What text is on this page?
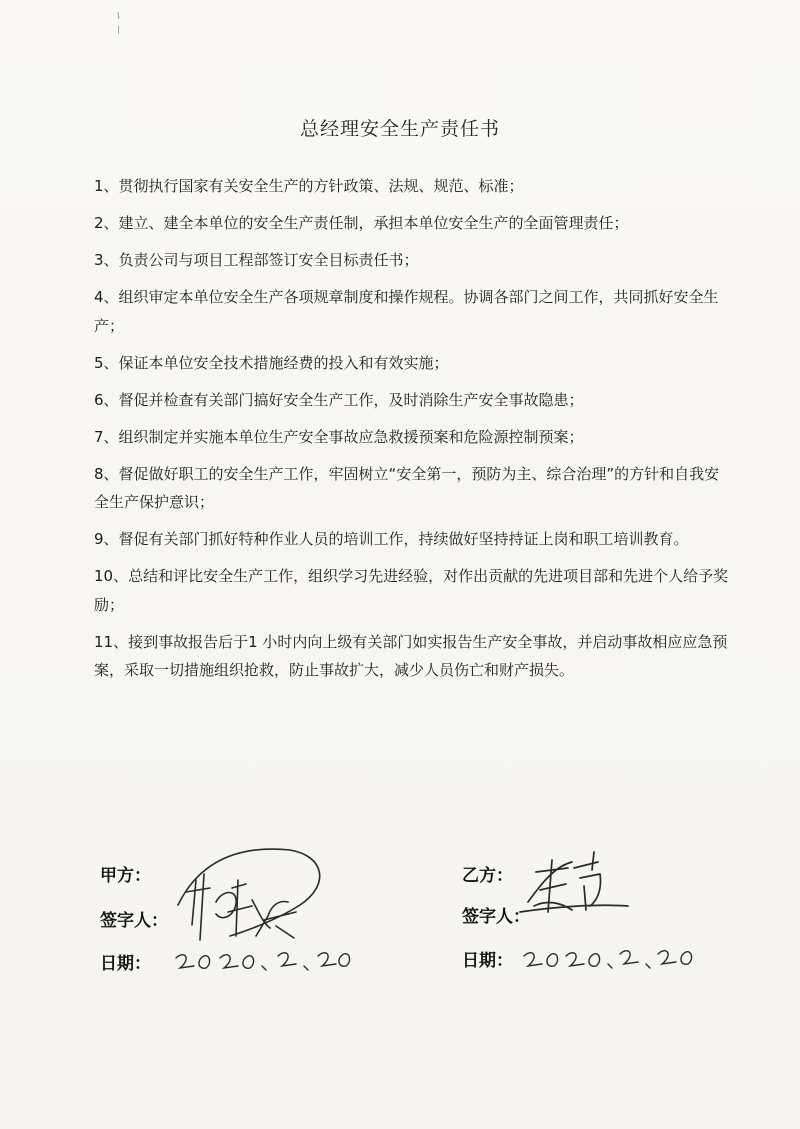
总经理安全生产责任书
1、贯彻执行国家有关安全生产的方针政策、法规、规范、标准；
2、建立、建全本单位的安全生产责任制，承担本单位安全生产的全面管理责任；
3、负责公司与项目工程部签订安全目标责任书；
4、组织审定本单位安全生产各项规章制度和操作规程。协调各部门之间工作，共同抓好安全生产；
5、保证本单位安全技术措施经费的投入和有效实施；
6、督促并检查有关部门搞好安全生产工作，及时消除生产安全事故隐患；
7、组织制定并实施本单位生产安全事故应急救援预案和危险源控制预案；
8、督促做好职工的安全生产工作，牢固树立“安全第一，预防为主、综合治理”的方针和自我安全生产保护意识；
9、督促有关部门抓好特种作业人员的培训工作，持续做好坚持持证上岗和职工培训教育。
10、总结和评比安全生产工作，组织学习先进经验，对作出贡献的先进项目部和先进个人给予奖励；
11、接到事故报告后于1 小时内向上级有关部门如实报告生产安全事故，并启动事故相应应急预案，采取一切措施组织抢救，防止事故扩大，减少人员伤亡和财产损失。
甲方：
签字人：
日期：
乙方：
签字人：
日期：
